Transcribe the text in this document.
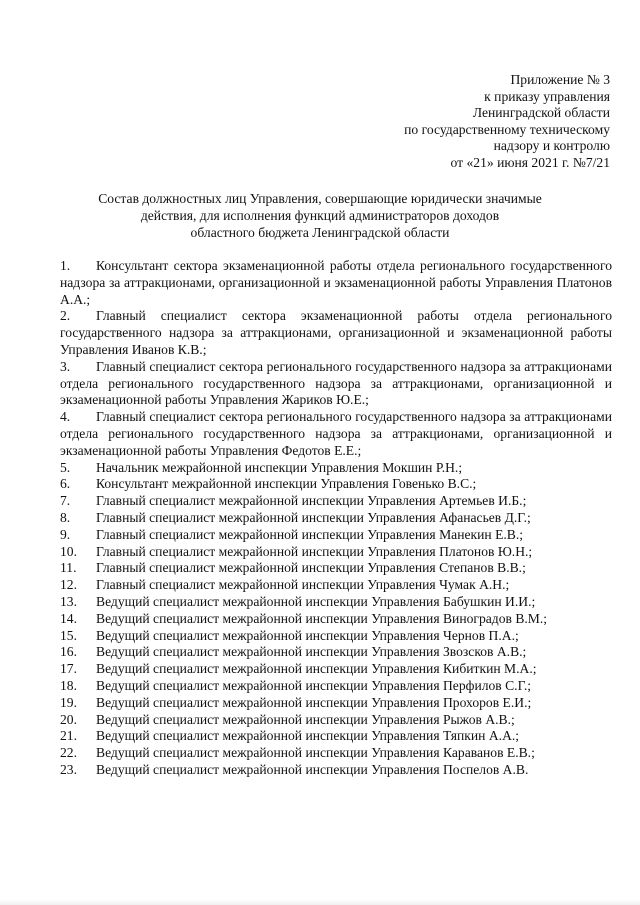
Приложение № 3
к приказу управления
Ленинградской области
по государственному техническому
надзору и контролю
от «21» июня 2021 г. №7/21
Состав должностных лиц Управления, совершающие юридически значимые
действия, для исполнения функций администраторов доходов
областного бюджета Ленинградской области
1. Консультант сектора экзаменационной работы отдела регионального государственного надзора за аттракционами, организационной и экзаменационной работы Управления Платонов А.А.;
2. Главный специалист сектора экзаменационной работы отдела регионального государственного надзора за аттракционами, организационной и экзаменационной работы Управления Иванов К.В.;
3. Главный специалист сектора регионального государственного надзора за аттракционами отдела регионального государственного надзора за аттракционами, организационной и экзаменационной работы Управления Жариков Ю.Е.;
4. Главный специалист сектора регионального государственного надзора за аттракционами отдела регионального государственного надзора за аттракционами, организационной и экзаменационной работы Управления Федотов Е.Е.;
5. Начальник межрайонной инспекции Управления Мокшин Р.Н.;
6. Консультант межрайонной инспекции Управления Говенько В.С.;
7. Главный специалист межрайонной инспекции Управления Артемьев И.Б.;
8. Главный специалист межрайонной инспекции Управления Афанасьев Д.Г.;
9. Главный специалист межрайонной инспекции Управления Манекин Е.В.;
10. Главный специалист межрайонной инспекции Управления Платонов Ю.Н.;
11. Главный специалист межрайонной инспекции Управления Степанов В.В.;
12. Главный специалист межрайонной инспекции Управления Чумак А.Н.;
13. Ведущий специалист межрайонной инспекции Управления Бабушкин И.И.;
14. Ведущий специалист межрайонной инспекции Управления Виноградов В.М.;
15. Ведущий специалист межрайонной инспекции Управления Чернов П.А.;
16. Ведущий специалист межрайонной инспекции Управления Звозсков А.В.;
17. Ведущий специалист межрайонной инспекции Управления Кибиткин М.А.;
18. Ведущий специалист межрайонной инспекции Управления Перфилов С.Г.;
19. Ведущий специалист межрайонной инспекции Управления Прохоров Е.И.;
20. Ведущий специалист межрайонной инспекции Управления Рыжов А.В.;
21. Ведущий специалист межрайонной инспекции Управления Тяпкин А.А.;
22. Ведущий специалист межрайонной инспекции Управления Караванов Е.В.;
23. Ведущий специалист межрайонной инспекции Управления Поспелов А.В.
